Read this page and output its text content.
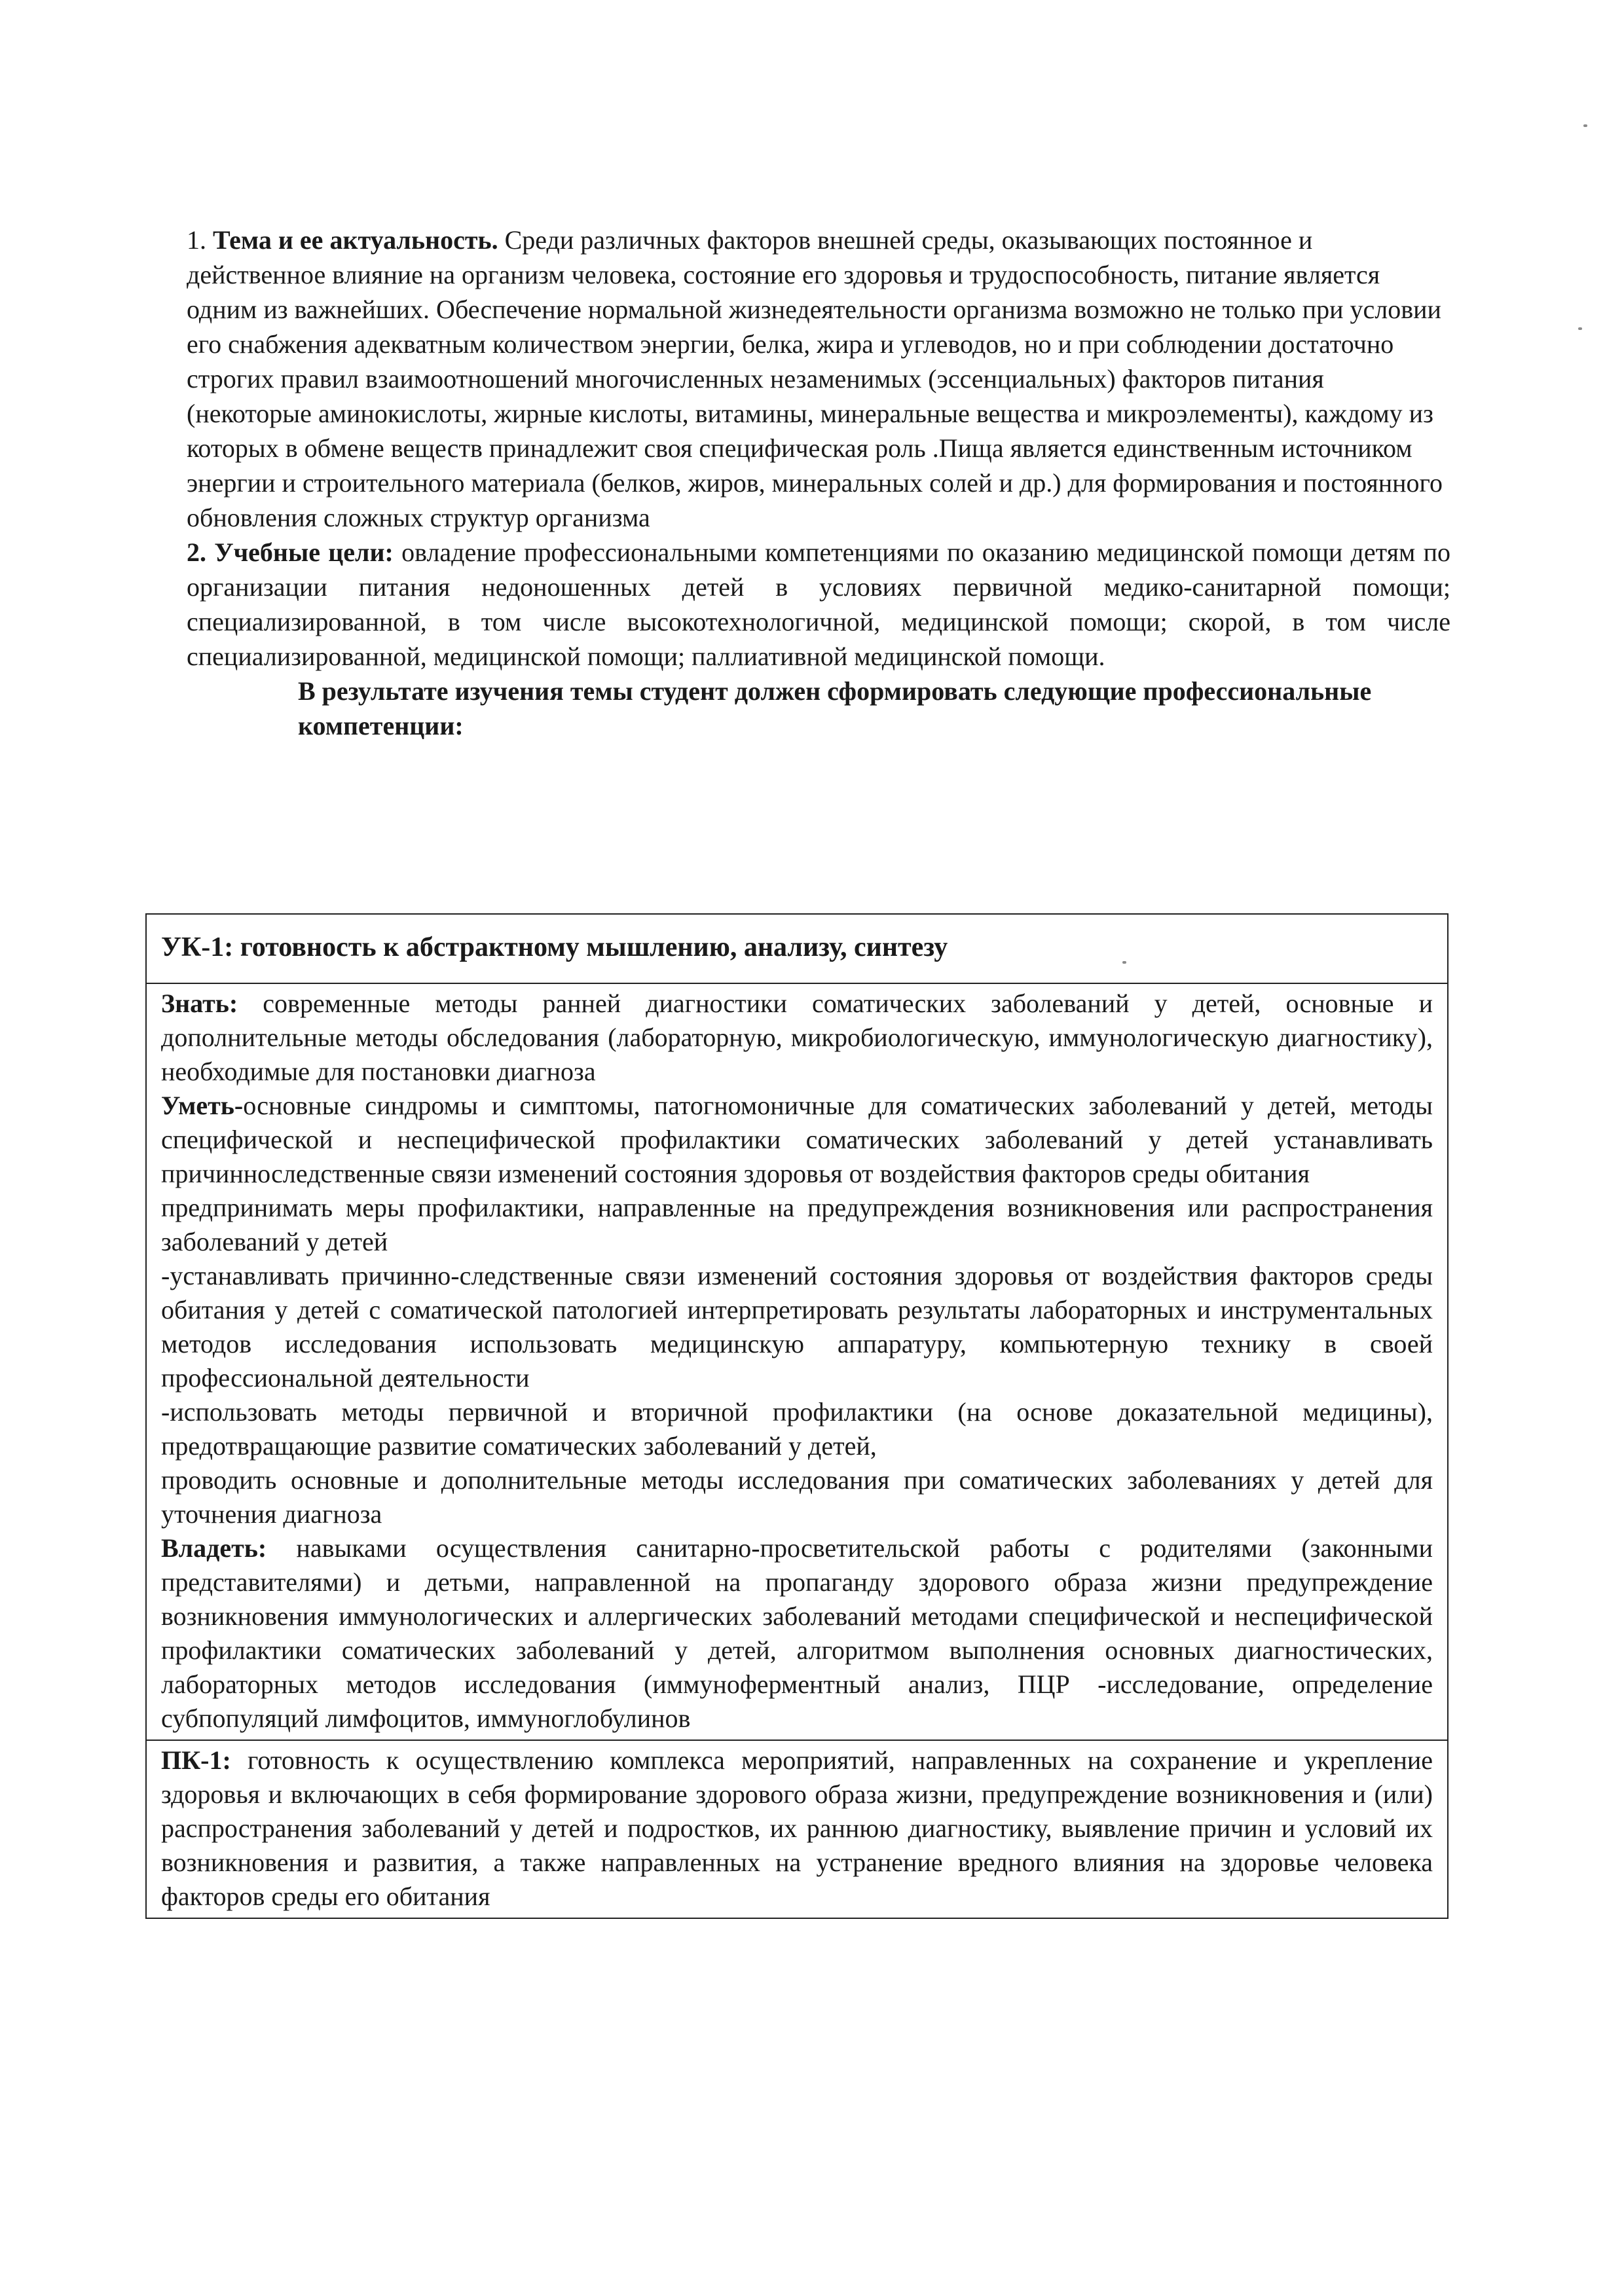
1. Тема и ее актуальность. Среди различных факторов внешней среды, оказывающих постоянное и действенное влияние на организм человека, состояние его здоровья и трудоспособность, питание является одним из важнейших. Обеспечение нормальной жизнедеятельности организма возможно не только при условии его снабжения адекватным количеством энергии, белка, жира и углеводов, но и при соблюдении достаточно строгих правил взаимоотношений многочисленных незаменимых (эссенциальных) факторов питания (некоторые аминокислоты, жирные кислоты, витамины, минеральные вещества и микроэлементы), каждому из которых в обмене веществ принадлежит своя специфическая роль .Пища является единственным источником энергии и строительного материала (белков, жиров, минеральных солей и др.) для формирования и постоянного обновления сложных структур организма

2. Учебные цели: овладение профессиональными компетенциями по оказанию медицинской помощи детям по организации питания недоношенных детей в условиях первичной медико-санитарной помощи; специализированной, в том числе высокотехнологичной, медицинской помощи; скорой, в том числе специализированной, медицинской помощи; паллиативной медицинской помощи.

В результате изучения темы студент должен сформировать следующие профессиональные компетенции:

УК-1: готовность к абстрактному мышлению, анализу, синтезу

Знать: современные методы ранней диагностики соматических заболеваний у детей, основные и дополнительные методы обследования (лабораторную, микробиологическую, иммунологическую диагностику), необходимые для постановки диагноза

Уметь-основные синдромы и симптомы, патогномоничные для соматических заболеваний у детей, методы специфической и неспецифической профилактики соматических заболеваний у детей устанавливать причинноследственные связи изменений состояния здоровья от воздействия факторов среды обитания

предпринимать меры профилактики, направленные на предупреждения возникновения или распространения заболеваний у детей

-устанавливать причинно-следственные связи изменений состояния здоровья от воздействия факторов среды обитания у детей с соматической патологией интерпретировать результаты лабораторных и инструментальных методов исследования использовать медицинскую аппаратуру, компьютерную технику в своей профессиональной деятельности

-использовать методы первичной и вторичной профилактики (на основе доказательной медицины), предотвращающие развитие соматических заболеваний у детей,

проводить основные и дополнительные методы исследования при соматических заболеваниях у детей для уточнения диагноза

Владеть: навыками осуществления санитарно-просветительской работы с родителями (законными представителями) и детьми, направленной на пропаганду здорового образа жизни предупреждение возникновения иммунологических и аллергических заболеваний методами специфической и неспецифической профилактики соматических заболеваний у детей, алгоритмом выполнения основных диагностических, лабораторных методов исследования (иммуноферментный анализ, ПЦР -исследование, определение субпопуляций лимфоцитов, иммуноглобулинов

ПК-1: готовность к осуществлению комплекса мероприятий, направленных на сохранение и укрепление здоровья и включающих в себя формирование здорового образа жизни, предупреждение возникновения и (или) распространения заболеваний у детей и подростков, их раннюю диагностику, выявление причин и условий их возникновения и развития, а также направленных на устранение вредного влияния на здоровье человека факторов среды его обитания
